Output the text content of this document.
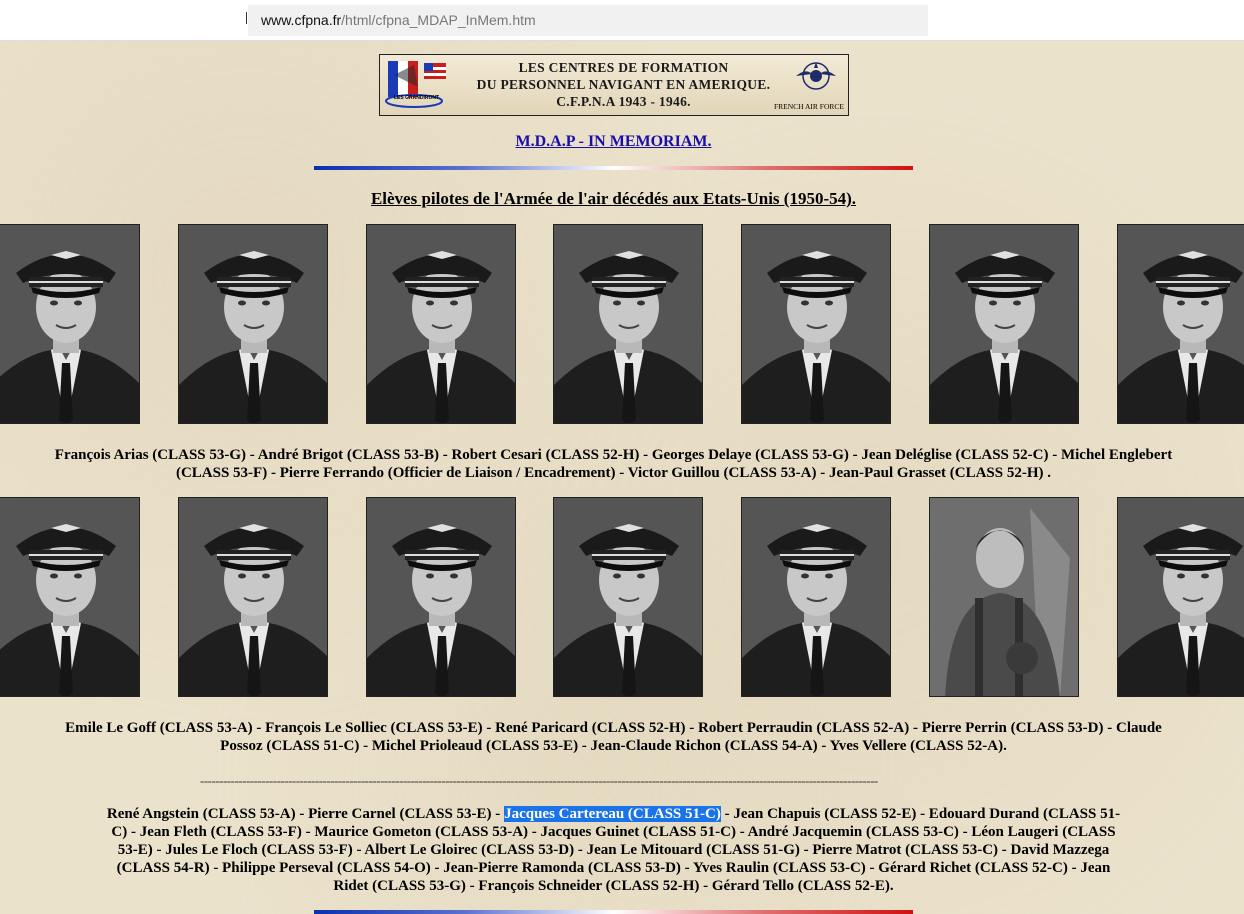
www.cfpna.fr/html/cfpna_MDAP_InMem.htm
LES GRANDIRONT
LES CENTRES DE FORMATION
DU PERSONNEL NAVIGANT EN AMERIQUE.
C.F.P.N.A 1943 - 1946.	FRENCH AIR FORCE
M.D.A.P - IN MEMORIAM.
Elèves pilotes de l'Armée de l'air décédés aux Etats-Unis (1950-54).
François Arias (CLASS 53-G) - André Brigot (CLASS 53-B) - Robert Cesari (CLASS 52-H) - Georges Delaye (CLASS 53-G) - Jean Deléglise (CLASS 52-C) - Michel Englebert (CLASS 53-F) - Pierre Ferrando (Officier de Liaison / Encadrement) - Victor Guillou (CLASS 53-A) - Jean-Paul Grasset (CLASS 52-H) .
Emile Le Goff (CLASS 53-A) - François Le Solliec (CLASS 53-E) - René Paricard (CLASS 52-H) - Robert Perraudin (CLASS 52-A) - Pierre Perrin (CLASS 53-D) - Claude Possoz (CLASS 51-C) - Michel Prioleaud (CLASS 53-E) - Jean-Claude Richon (CLASS 54-A) - Yves Vellere (CLASS 52-A).
---------------------------------------------------------------------------------------------------------------------------------------------------------------------------------
René Angstein (CLASS 53-A) - Pierre Carnel (CLASS 53-E) - Jacques Cartereau (CLASS 51-C) - Jean Chapuis (CLASS 52-E) - Edouard Durand (CLASS 51-C) - Jean Fleth (CLASS 53-F) - Maurice Gometon (CLASS 53-A) - Jacques Guinet (CLASS 51-C) - André Jacquemin (CLASS 53-C) - Léon Laugeri (CLASS 53-E) - Jules Le Floch (CLASS 53-F) - Albert Le Gloirec (CLASS 53-D) - Jean Le Mitouard (CLASS 51-G) - Pierre Matrot (CLASS 53-C) - David Mazzega (CLASS 54-R) - Philippe Perseval (CLASS 54-O) - Jean-Pierre Ramonda (CLASS 53-D) - Yves Raulin (CLASS 53-C) - Gérard Richet (CLASS 52-C) - Jean Ridet (CLASS 53-G) - François Schneider (CLASS 52-H) - Gérard Tello (CLASS 52-E).
